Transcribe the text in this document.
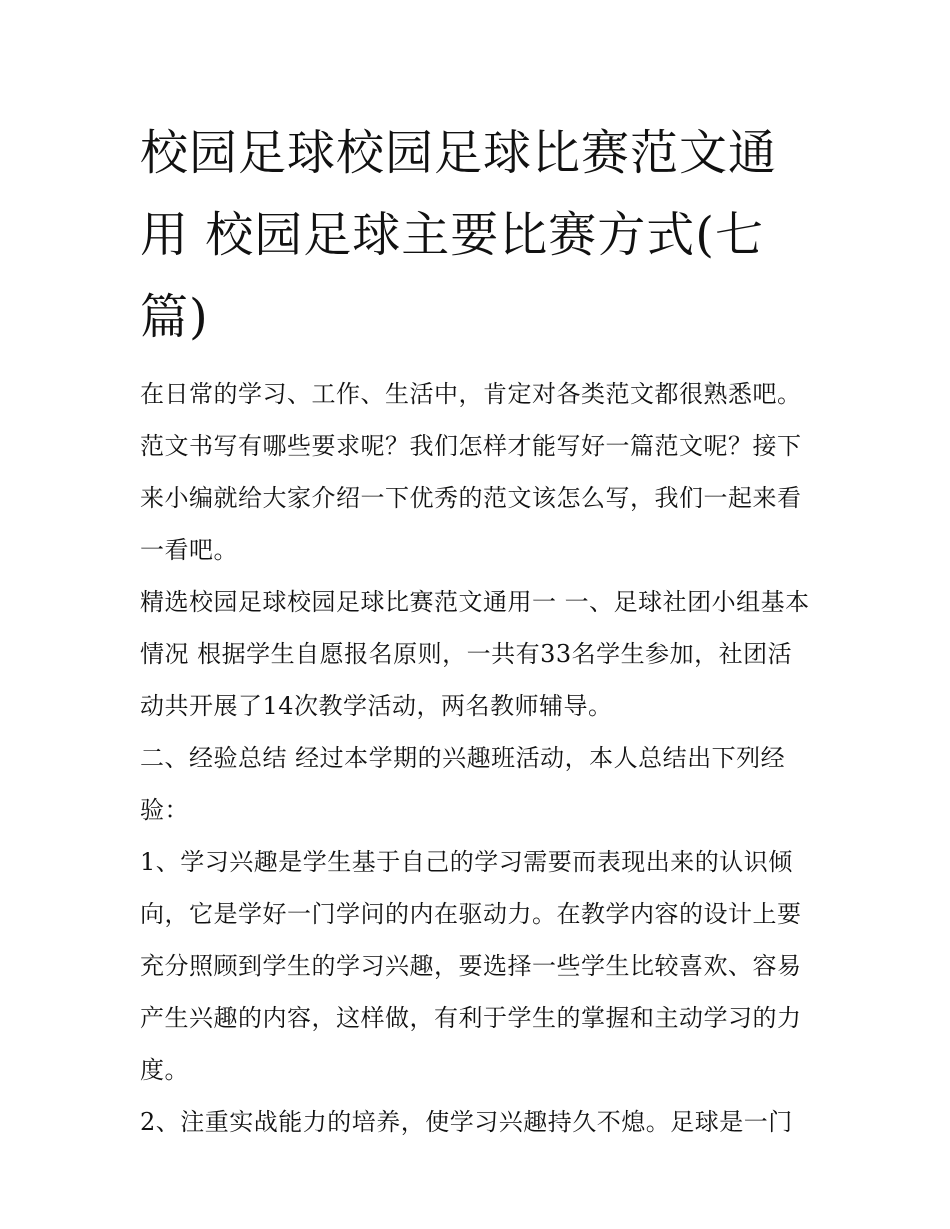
校园足球校园足球比赛范文通用 校园足球主要比赛方式(七篇)

在日常的学习、工作、生活中，肯定对各类范文都很熟悉吧。范文书写有哪些要求呢？我们怎样才能写好一篇范文呢？接下来小编就给大家介绍一下优秀的范文该怎么写，我们一起来看一看吧。

精选校园足球校园足球比赛范文通用一 一、足球社团小组基本情况 根据学生自愿报名原则，一共有33名学生参加，社团活动共开展了14次教学活动，两名教师辅导。

二、经验总结 经过本学期的兴趣班活动，本人总结出下列经验：

1、学习兴趣是学生基于自己的学习需要而表现出来的认识倾向，它是学好一门学问的内在驱动力。在教学内容的设计上要充分照顾到学生的学习兴趣，要选择一些学生比较喜欢、容易产生兴趣的内容，这样做，有利于学生的掌握和主动学习的力度。

2、注重实战能力的培养，使学习兴趣持久不熄。足球是一门
